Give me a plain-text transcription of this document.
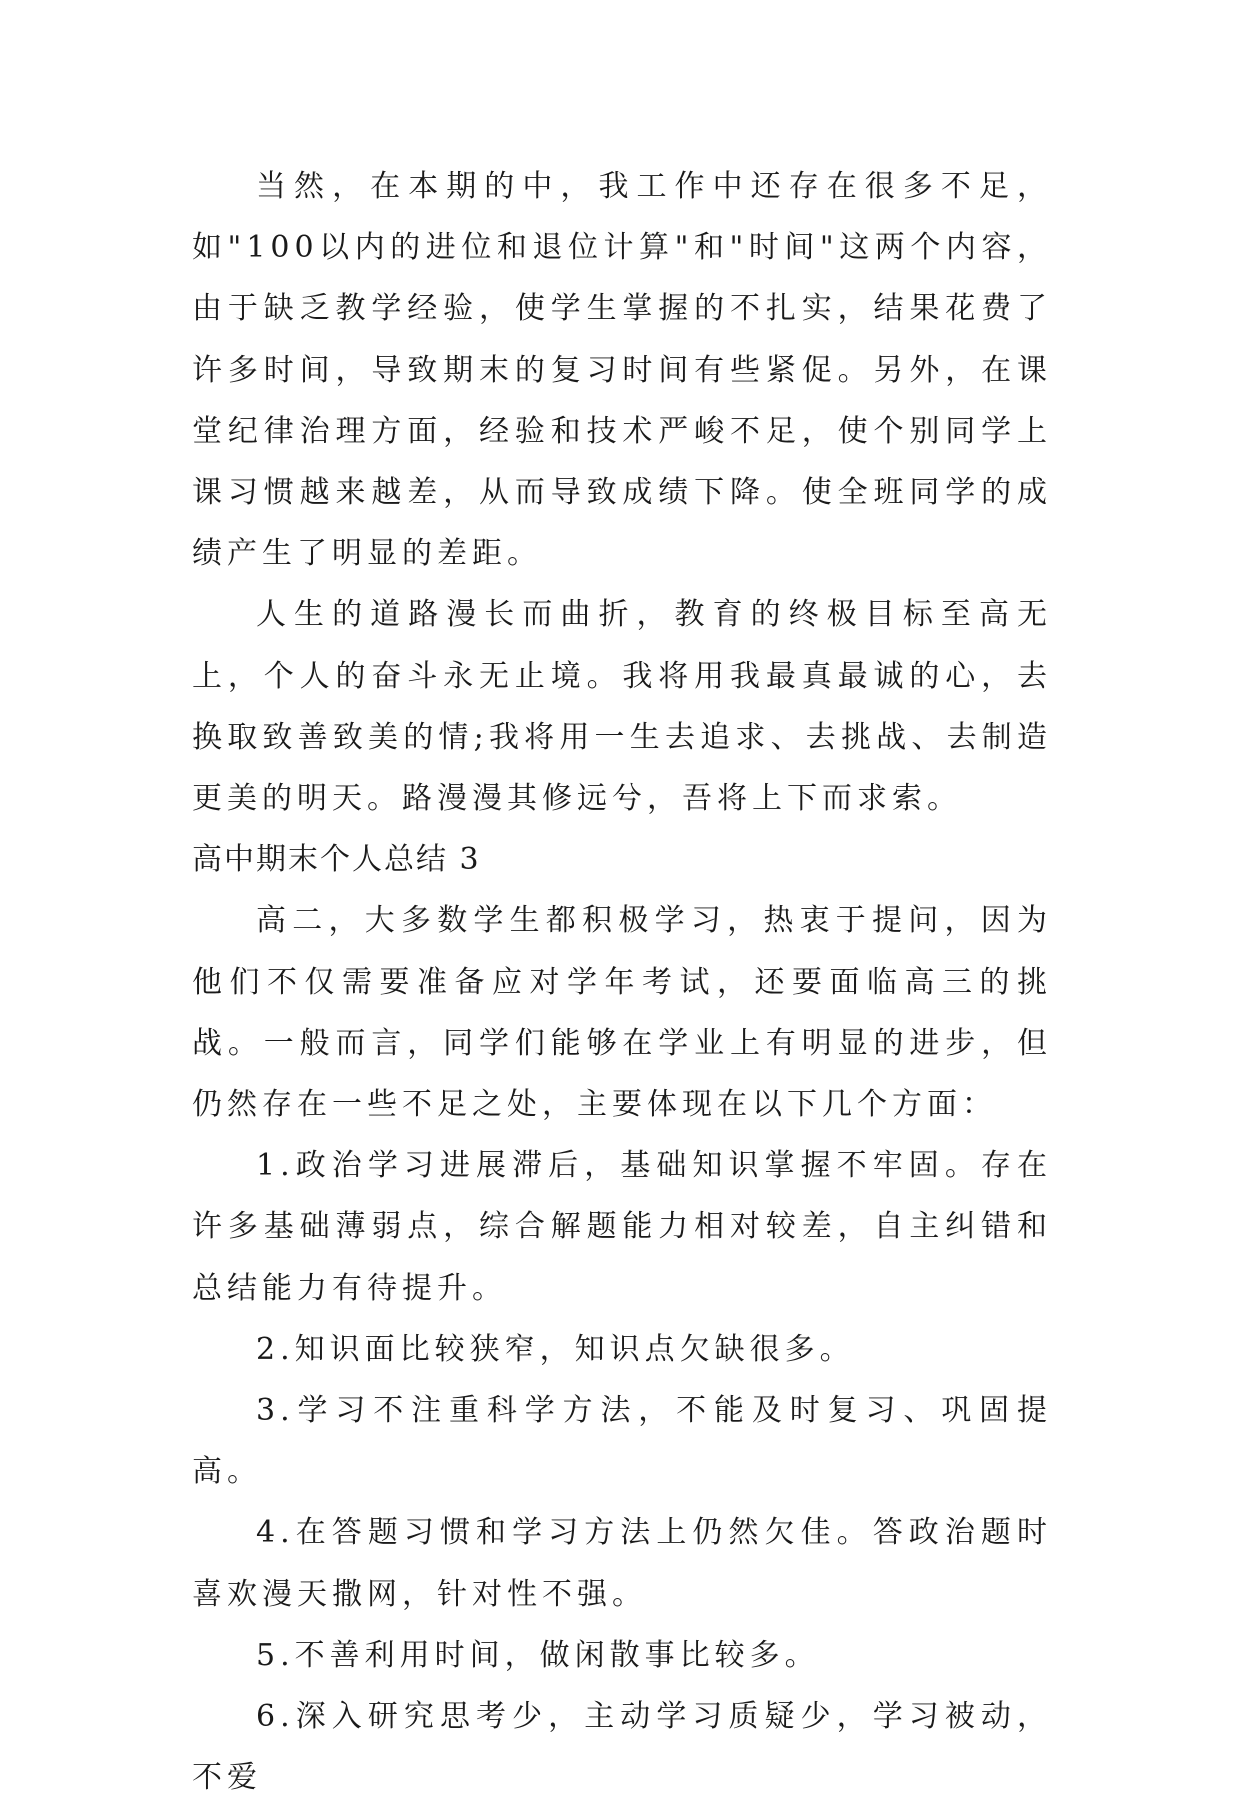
当然，在本期的中，我工作中还存在很多不足，如"100以内的进位和退位计算"和"时间"这两个内容，由于缺乏教学经验，使学生掌握的不扎实，结果花费了许多时间，导致期末的复习时间有些紧促。另外，在课堂纪律治理方面，经验和技术严峻不足，使个别同学上课习惯越来越差，从而导致成绩下降。使全班同学的成绩产生了明显的差距。

人生的道路漫长而曲折，教育的终极目标至高无上，个人的奋斗永无止境。我将用我最真最诚的心，去换取致善致美的情;我将用一生去追求、去挑战、去制造更美的明天。路漫漫其修远兮，吾将上下而求索。

高中期末个人总结 3

高二，大多数学生都积极学习，热衷于提问，因为他们不仅需要准备应对学年考试，还要面临高三的挑战。一般而言，同学们能够在学业上有明显的进步，但仍然存在一些不足之处，主要体现在以下几个方面：

1.政治学习进展滞后，基础知识掌握不牢固。存在许多基础薄弱点，综合解题能力相对较差，自主纠错和总结能力有待提升。

2.知识面比较狭窄，知识点欠缺很多。

3.学习不注重科学方法，不能及时复习、巩固提高。

4.在答题习惯和学习方法上仍然欠佳。答政治题时喜欢漫天撒网，针对性不强。

5.不善利用时间，做闲散事比较多。

6.深入研究思考少，主动学习质疑少，学习被动，不爱
